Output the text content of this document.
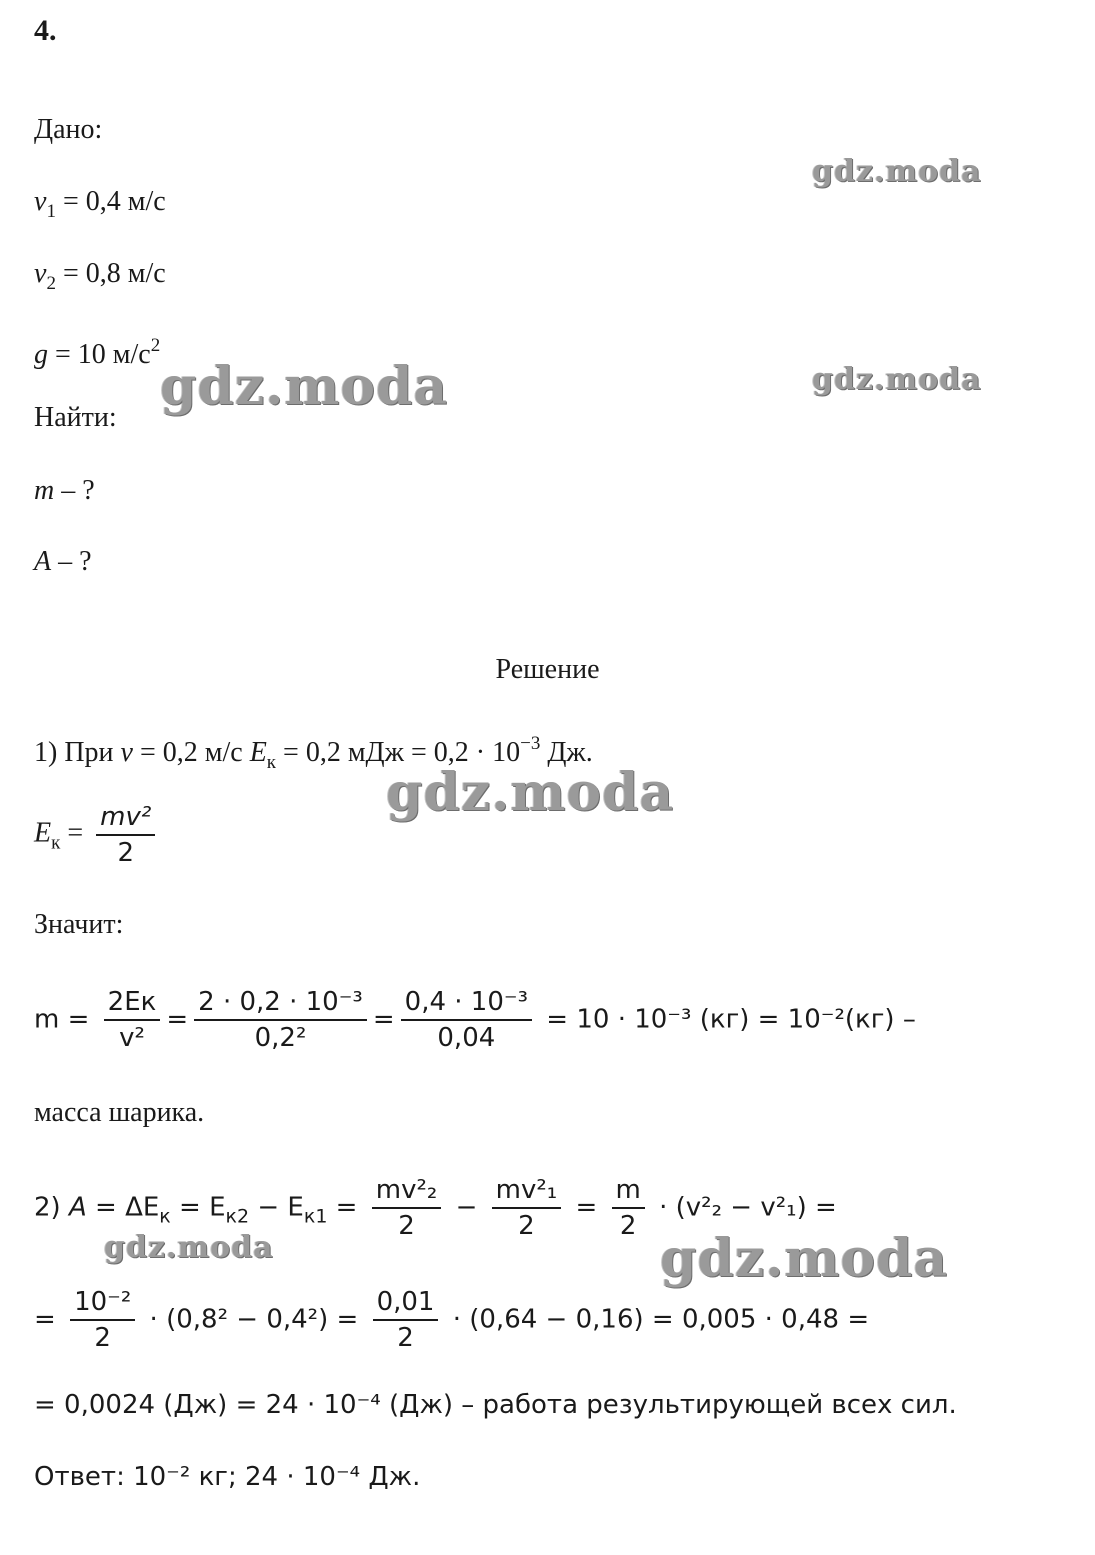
4.
Дано:
$v_1 = 0,4$ м/с
$v_2 = 0,8$ м/с
g = 10 $м/с^2$
Найти:
m – ?
A – ?
Решение
1) При v = 0,2 м/с $E_к = 0,2$ мДж = $0,2 \cdot 10^{-3}$ Дж.
$E_к = \frac{\text{mv²}}{2}$
Значит:
$m = \frac{2Eк}{\text{v²}} = \frac{\text{2 · 0,2 · 10⁻³}}{\text{0,2²}} = \frac{\text{0,4 · 10⁻³}}{0,04} = 10 \cdot 10^{-3}$ (кг) = 10⁻²(кг) –
масса шарика.
2) $A = \Delta E_к = E_{к2} - E_{к1} = \frac{\text{mv²₂}}{2} - \frac{\text{mv²₁}}{2} = \frac{m}{2} \cdot (v^2_2 - v^2_1)$ =
= $\frac{\text{10⁻²}}{2} \cdot (0,8^2 - 0,4^2) = \frac{0,01}{2} \cdot (0,64 - 0,16) = 0,005 \cdot 0,48$ =
= 0,0024 (Дж) = 24 · 10⁻⁴ (Дж) – работа результирующей всех сил.
Ответ: 10⁻² кг; 24 · 10⁻⁴ Дж.
gdz.moda
gdz.moda	gdz.moda
gdz.moda
gdz.moda	gdz.moda
